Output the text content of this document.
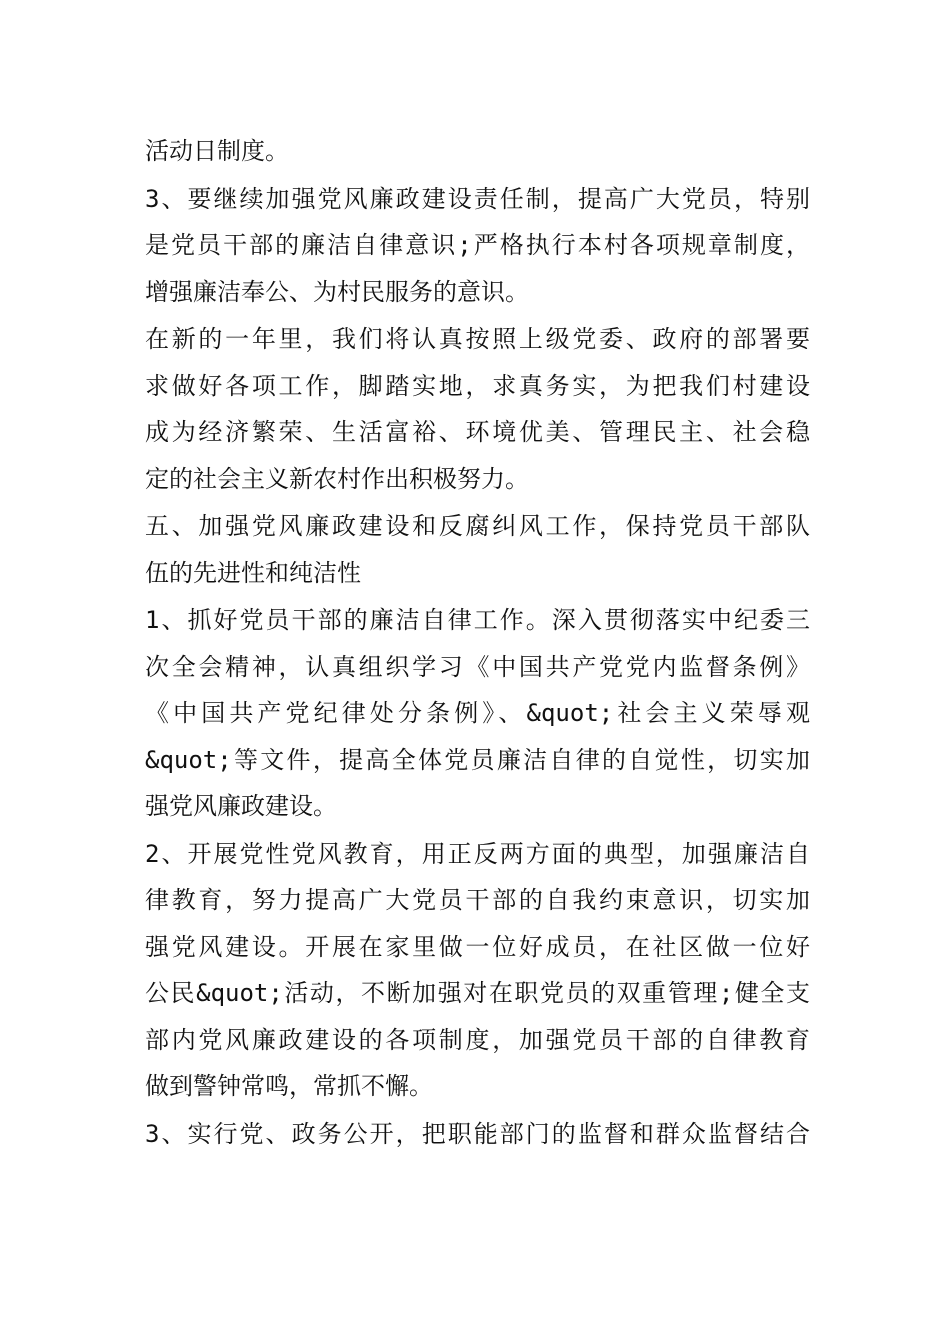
活动日制度。
3、要继续加强党风廉政建设责任制，提高广大党员，特别
是党员干部的廉洁自律意识;严格执行本村各项规章制度，
增强廉洁奉公、为村民服务的意识。
在新的一年里，我们将认真按照上级党委、政府的部署要
求做好各项工作，脚踏实地，求真务实，为把我们村建设
成为经济繁荣、生活富裕、环境优美、管理民主、社会稳
定的社会主义新农村作出积极努力。
五、加强党风廉政建设和反腐纠风工作，保持党员干部队
伍的先进性和纯洁性
1、抓好党员干部的廉洁自律工作。深入贯彻落实中纪委三
次全会精神，认真组织学习《中国共产党党内监督条例》
《中国共产党纪律处分条例》、&quot;社会主义荣辱观
&quot;等文件，提高全体党员廉洁自律的自觉性，切实加
强党风廉政建设。
2、开展党性党风教育，用正反两方面的典型，加强廉洁自
律教育，努力提高广大党员干部的自我约束意识，切实加
强党风建设。开展在家里做一位好成员，在社区做一位好
公民&quot;活动，不断加强对在职党员的双重管理;健全支
部内党风廉政建设的各项制度，加强党员干部的自律教育
做到警钟常鸣，常抓不懈。
3、实行党、政务公开，把职能部门的监督和群众监督结合
